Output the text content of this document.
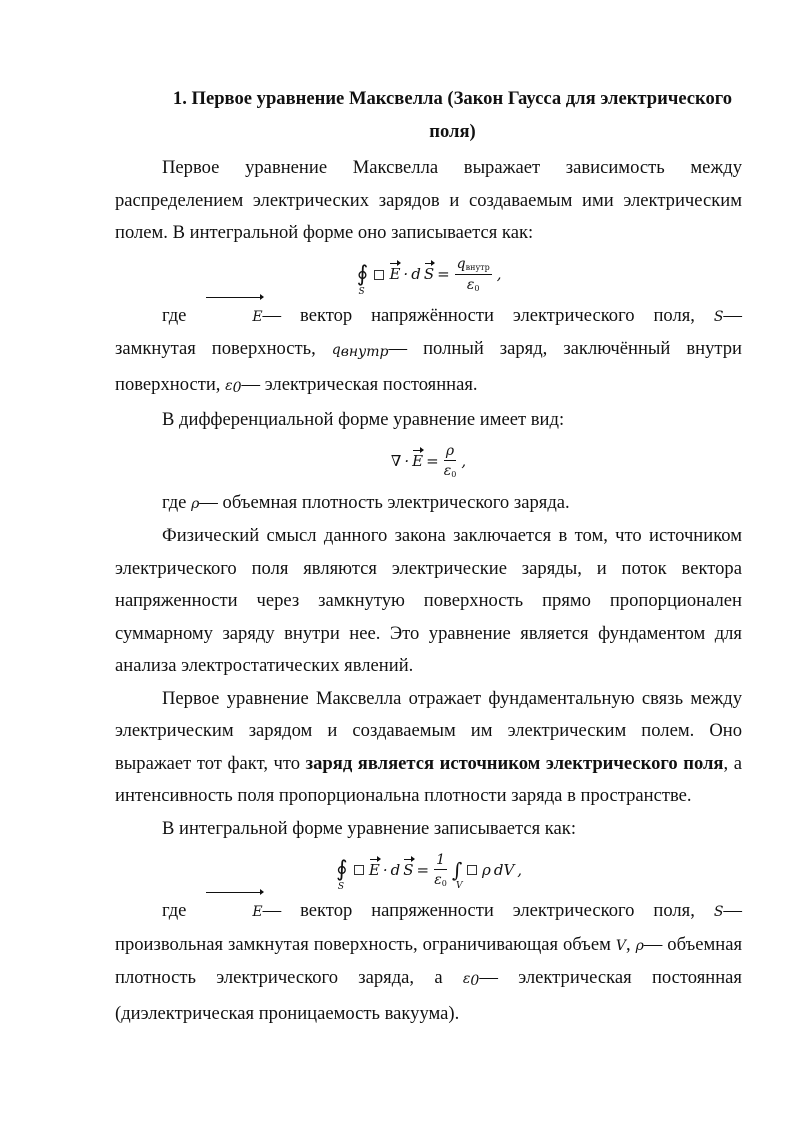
1. Первое уравнение Максвелла (Закон Гаусса для электрического
поля)

Первое уравнение Максвелла выражает зависимость между распределением электрических зарядов и создаваемым ими электрическим полем. В интегральной форме оно записывается как:

∮
S
E · d $S = \frac{\text{qвнутр}}{\varepsilon 0}$ ,

где	E— вектор напряжённости электрического поля, S— замкнутая поверхность, qвнутр— полный заряд, заключённый внутри поверхности, ε0— электрическая постоянная.

В дифференциальной форме уравнение имеет вид:

∇ · $E = \frac{\rho}{\varepsilon 0}$ ,

где ρ— объемная плотность электрического заряда.

Физический смысл данного закона заключается в том, что источником электрического поля являются электрические заряды, и поток вектора напряженности через замкнутую поверхность прямо пропорционален суммарному заряду внутри нее. Это уравнение является фундаментом для анализа электростатических явлений.

Первое уравнение Максвелла отражает фундаментальную связь между электрическим зарядом и создаваемым им электрическим полем. Оно выражает тот факт, что заряд является источником электрического поля, а интенсивность поля пропорциональна плотности заряда в пространстве.

В интегральной форме уравнение записывается как:

∮
S
E · d $S = \frac{1}{\varepsilon 0}$ ∫
V
ρ dV ,

где	E— вектор напряженности электрического поля, S— произвольная замкнутая поверхность, ограничивающая объем V, ρ— объемная плотность электрического заряда, а ε0— электрическая постоянная (диэлектрическая проницаемость вакуума).
